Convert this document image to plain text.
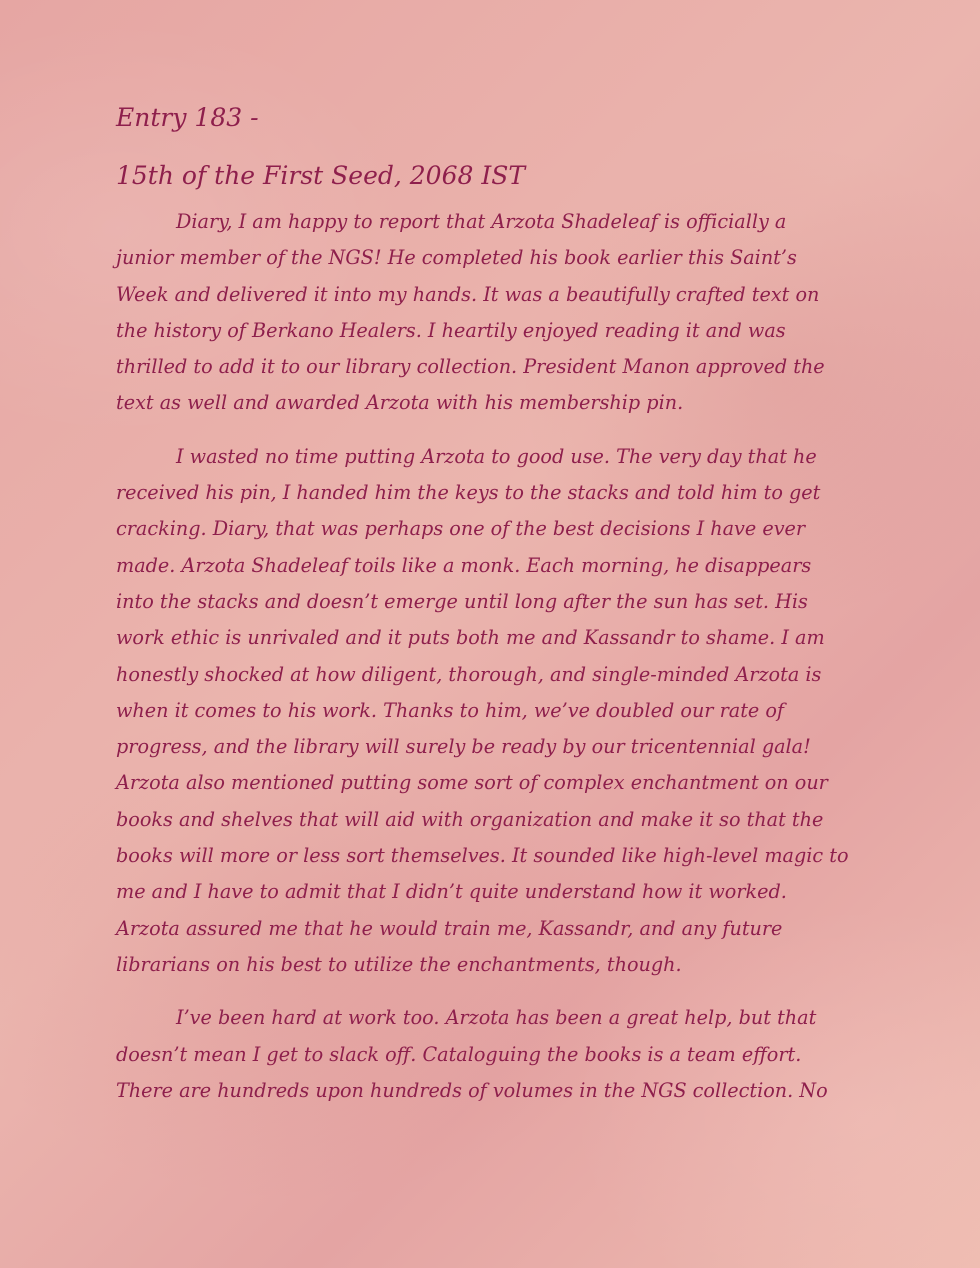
Entry 183 -
15th of the First Seed, 2068 IST
Diary, I am happy to report that Arzota Shadeleaf is officially a
junior member of the NGS! He completed his book earlier this Saint’s
Week and delivered it into my hands. It was a beautifully crafted text on
the history of Berkano Healers. I heartily enjoyed reading it and was
thrilled to add it to our library collection. President Manon approved the
text as well and awarded Arzota with his membership pin.
I wasted no time putting Arzota to good use. The very day that he
received his pin, I handed him the keys to the stacks and told him to get
cracking. Diary, that was perhaps one of the best decisions I have ever
made. Arzota Shadeleaf toils like a monk. Each morning, he disappears
into the stacks and doesn’t emerge until long after the sun has set. His
work ethic is unrivaled and it puts both me and Kassandr to shame. I am
honestly shocked at how diligent, thorough, and single-minded Arzota is
when it comes to his work. Thanks to him, we’ve doubled our rate of
progress, and the library will surely be ready by our tricentennial gala!
Arzota also mentioned putting some sort of complex enchantment on our
books and shelves that will aid with organization and make it so that the
books will more or less sort themselves. It sounded like high-level magic to
me and I have to admit that I didn’t quite understand how it worked.
Arzota assured me that he would train me, Kassandr, and any future
librarians on his best to utilize the enchantments, though.
I’ve been hard at work too. Arzota has been a great help, but that
doesn’t mean I get to slack off. Cataloguing the books is a team effort.
There are hundreds upon hundreds of volumes in the NGS collection. No
